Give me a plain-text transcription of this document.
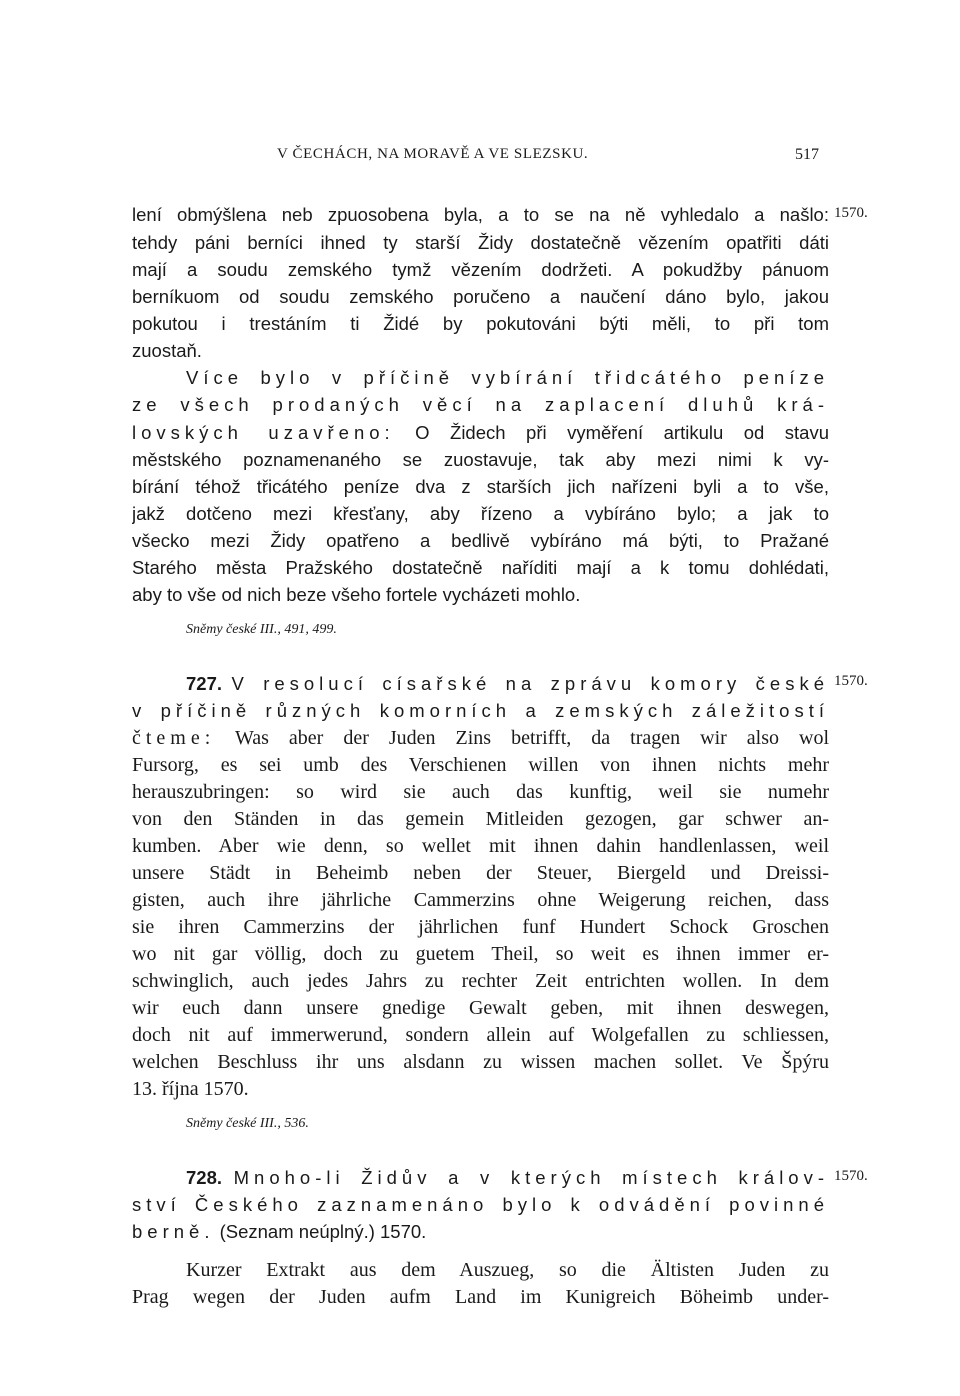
V ČECHÁCH, NA MORAVĚ A VE SLEZSKU.	517
lení obmýšlena neb zpuosobena byla, a to se na ně vyhledalo a našlo: 1570.
tehdy páni berníci ihned ty starší Židy dostatečně vězením opatřiti dáti
mají a soudu zemského tymž vězením dodržeti. A pokudžby pánuom
berníkuom od soudu zemského poručeno a naučení dáno bylo, jakou
pokutou i trestáním ti Židé by pokutováni býti měli, to při tom
zuostaň.
Více bylo v příčině vybírání třidcátého peníze
ze všech prodaných věcí na zaplacení dluhů krá-
lovských uzavřeno: O Židech při vyměření artikulu od stavu
městského poznamenaného se zuostavuje, tak aby mezi nimi k vy-
bírání téhož třicátého peníze dva z starších jich nařízeni byli a to vše,
jakž dotčeno mezi křesťany, aby řízeno a vybíráno bylo; a jak to
všecko mezi Židy opatřeno a bedlivě vybíráno má býti, to Pražané
Starého města Pražského dostatečně naříditi mají a k tomu dohlédati,
aby to vše od nich beze všeho fortele vycházeti mohlo.
Sněmy české III., 491, 499.
727. V resolucí císařské na zprávu komory české 1570.
v příčině různých komorních a zemských záležitostí
čteme: Was aber der Juden Zins betrifft, da tragen wir also wol
Fursorg, es sei umb des Verschienen willen von ihnen nichts mehr
herauszubringen: so wird sie auch das kunftig, weil sie numehr
von den Ständen in das gemein Mitleiden gezogen, gar schwer an-
kumben. Aber wie denn, so wellet mit ihnen dahin handlenlassen, weil
unsere Städt in Beheimb neben der Steuer, Biergeld und Dreissi-
gisten, auch ihre jährliche Cammerzins ohne Weigerung reichen, dass
sie ihren Cammerzins der jährlichen funf Hundert Schock Groschen
wo nit gar völlig, doch zu guetem Theil, so weit es ihnen immer er-
schwinglich, auch jedes Jahrs zu rechter Zeit entrichten wollen. In dem
wir euch dann unsere gnedige Gewalt geben, mit ihnen deswegen,
doch nit auf immerwerund, sondern allein auf Wolgefallen zu schliessen,
welchen Beschluss ihr uns alsdann zu wissen machen sollet. Ve Špýru
13. října 1570.
Sněmy české III., 536.
728. Mnoho-li Židův a v kterých místech králov- 1570.
ství Českého zaznamenáno bylo k odvádění povinné
berně. (Seznam neúplný.) 1570.
Kurzer Extrakt aus dem Auszueg, so die Ältisten Juden zu
Prag wegen der Juden aufm Land im Kunigreich Böheimb under-
